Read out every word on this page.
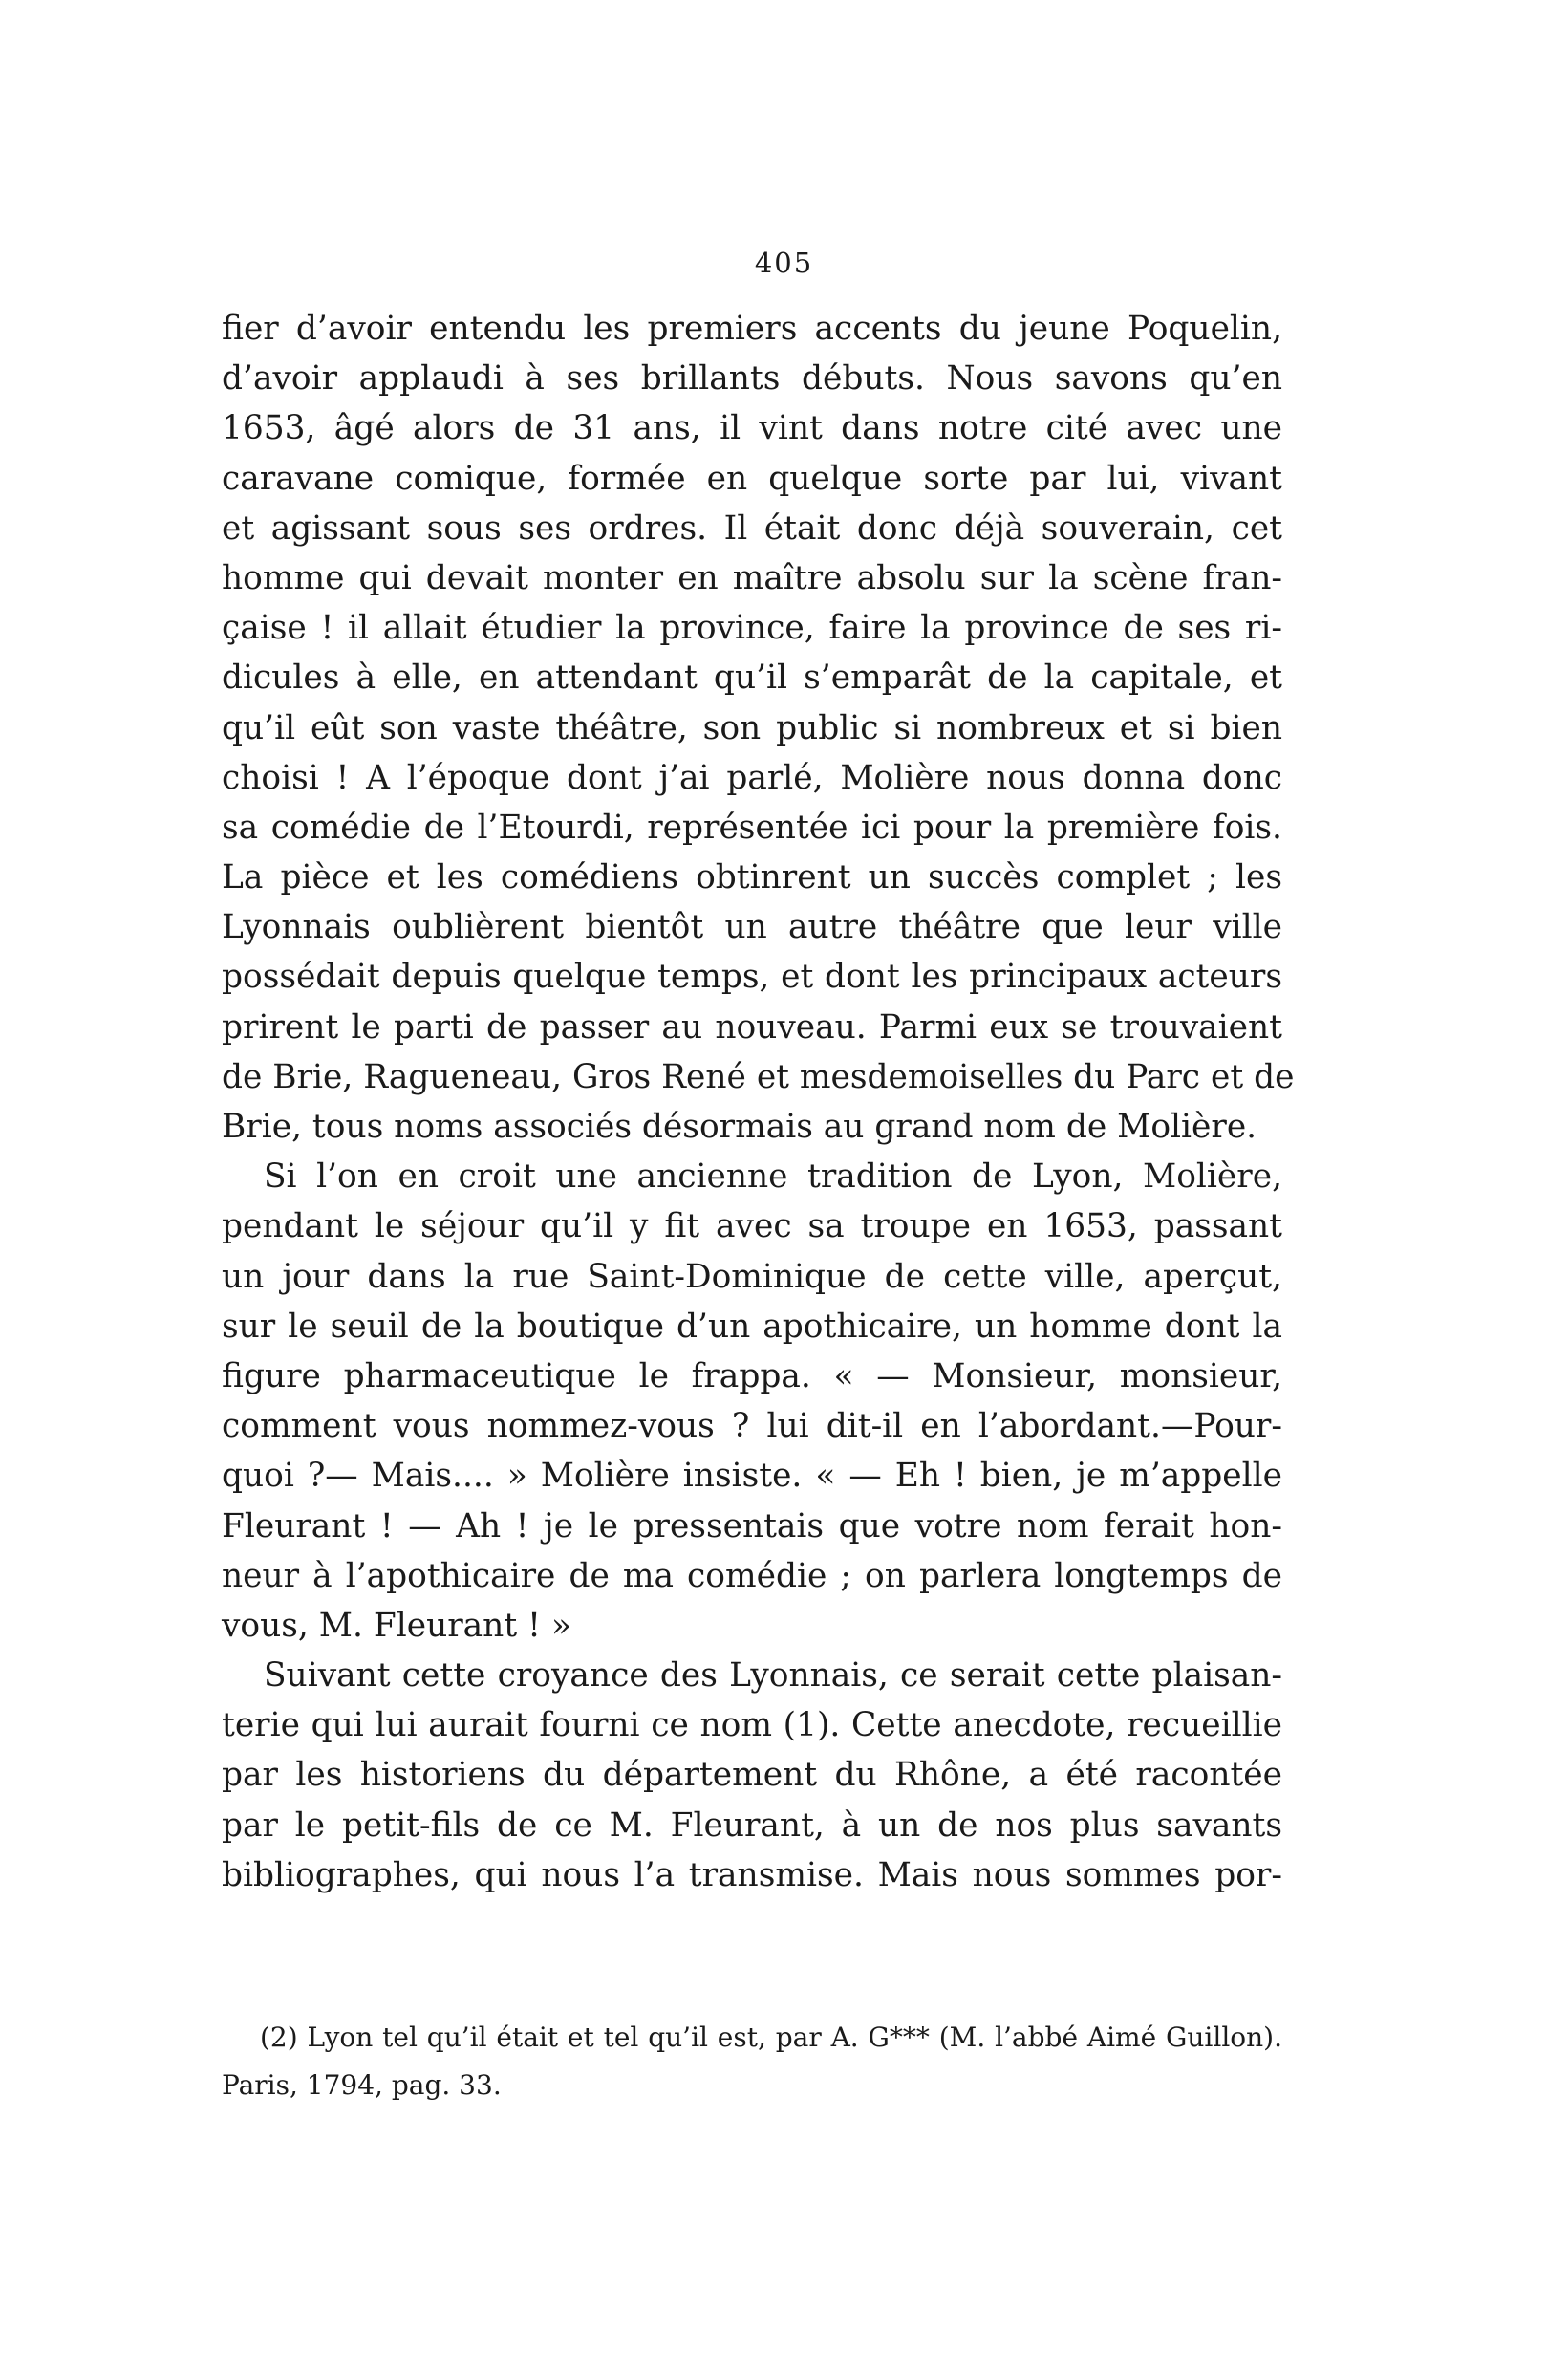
405
fier d’avoir entendu les premiers accents du jeune Poquelin,
d’avoir applaudi à ses brillants débuts. Nous savons qu’en
1653, âgé alors de 31 ans, il vint dans notre cité avec une
caravane comique, formée en quelque sorte par lui, vivant
et agissant sous ses ordres. Il était donc déjà souverain, cet
homme qui devait monter en maître absolu sur la scène fran-
çaise ! il allait étudier la province, faire la province de ses ri-
dicules à elle, en attendant qu’il s’emparât de la capitale, et
qu’il eût son vaste théâtre, son public si nombreux et si bien
choisi ! A l’époque dont j’ai parlé, Molière nous donna donc
sa comédie de l’Etourdi, représentée ici pour la première fois.
La pièce et les comédiens obtinrent un succès complet ; les
Lyonnais oublièrent bientôt un autre théâtre que leur ville
possédait depuis quelque temps, et dont les principaux acteurs
prirent le parti de passer au nouveau. Parmi eux se trouvaient
de Brie, Ragueneau, Gros René et mesdemoiselles du Parc et de
Brie, tous noms associés désormais au grand nom de Molière.
Si l’on en croit une ancienne tradition de Lyon, Molière,
pendant le séjour qu’il y fit avec sa troupe en 1653, passant
un jour dans la rue Saint-Dominique de cette ville, aperçut,
sur le seuil de la boutique d’un apothicaire, un homme dont la
figure pharmaceutique le frappa. « — Monsieur, monsieur,
comment vous nommez-vous ? lui dit-il en l’abordant.—Pour-
quoi ?— Mais.... » Molière insiste. « — Eh ! bien, je m’appelle
Fleurant ! — Ah ! je le pressentais que votre nom ferait hon-
neur à l’apothicaire de ma comédie ; on parlera longtemps de
vous, M. Fleurant ! »
Suivant cette croyance des Lyonnais, ce serait cette plaisan-
terie qui lui aurait fourni ce nom (1). Cette anecdote, recueillie
par les historiens du département du Rhône, a été racontée
par le petit-fils de ce M. Fleurant, à un de nos plus savants
bibliographes, qui nous l’a transmise. Mais nous sommes por-
(2) Lyon tel qu’il était et tel qu’il est, par A. G*** (M. l’abbé Aimé Guillon).
Paris, 1794, pag. 33.
